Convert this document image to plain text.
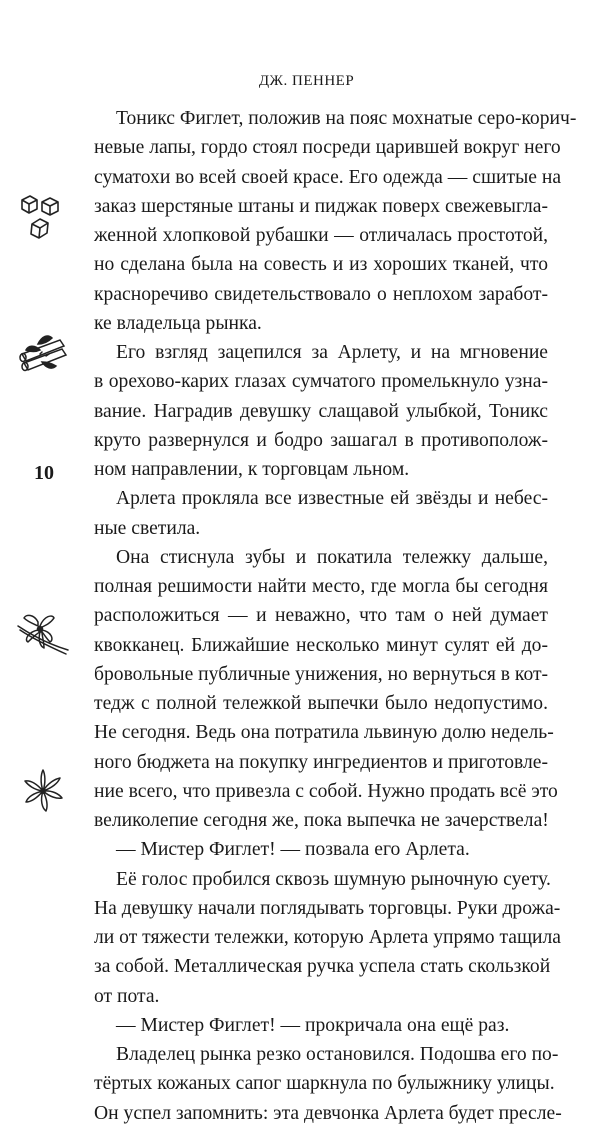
ДЖ. ПЕННЕР
Тоникс Фиглет, положив на пояс мохнатые серо-корич-
невые лапы, гордо стоял посреди царившей вокруг него
суматохи во всей своей красе. Его одежда — сшитые на
заказ шерстяные штаны и пиджак поверх свежевыгла-
женной хлопковой рубашки — отличалась простотой,
но сделана была на совесть и из хороших тканей, что
красноречиво свидетельствовало о неплохом заработ-
ке владельца рынка.
Его взгляд зацепился за Арлету, и на мгновение
в орехово-карих глазах сумчатого промелькнуло узна-
вание. Наградив девушку слащавой улыбкой, Тоникс
круто развернулся и бодро зашагал в противополож-
ном направлении, к торговцам льном.
Арлета прокляла все известные ей звёзды и небес-
ные светила.
Она стиснула зубы и покатила тележку дальше,
полная решимости найти место, где могла бы сегодня
расположиться — и неважно, что там о ней думает
квокканец. Ближайшие несколько минут сулят ей до-
бровольные публичные унижения, но вернуться в кот-
тедж с полной тележкой выпечки было недопустимо.
Не сегодня. Ведь она потратила львиную долю недель-
ного бюджета на покупку ингредиентов и приготовле-
ние всего, что привезла с собой. Нужно продать всё это
великолепие сегодня же, пока выпечка не зачерствела!
— Мистер Фиглет! — позвала его Арлета.
Её голос пробился сквозь шумную рыночную суету.
На девушку начали поглядывать торговцы. Руки дрожа-
ли от тяжести тележки, которую Арлета упрямо тащила
за собой. Металлическая ручка успела стать скользкой
от пота.
— Мистер Фиглет! — прокричала она ещё раз.
Владелец рынка резко остановился. Подошва его по-
тёртых кожаных сапог шаркнула по булыжнику улицы.
Он успел запомнить: эта девчонка Арлета будет пресле-
10
